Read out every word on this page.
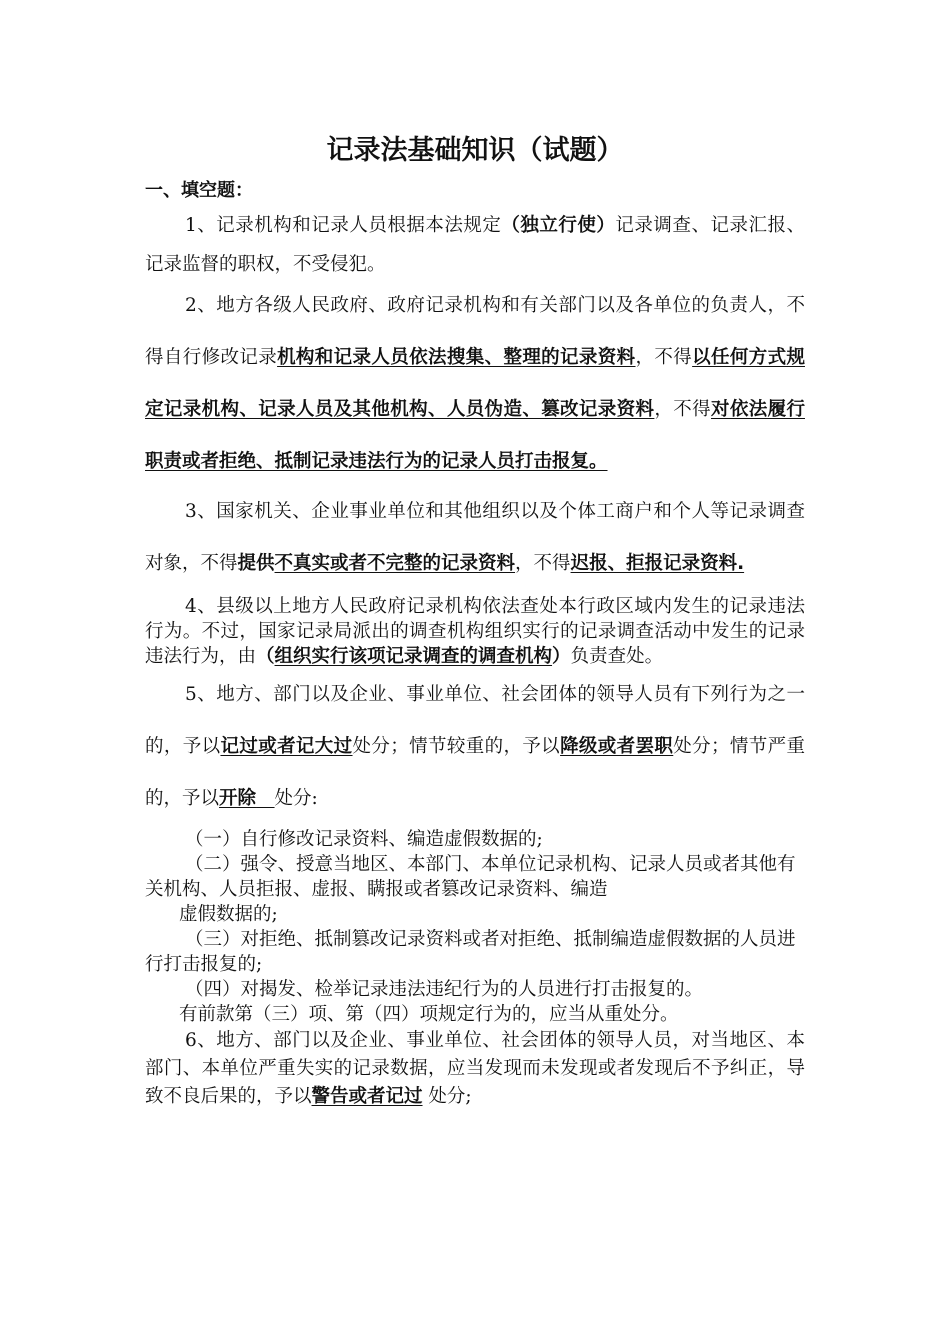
记录法基础知识（试题）
一、填空题：

1、记录机构和记录人员根据本法规定（独立行使）记录调查、记录汇报、记录监督的职权，不受侵犯。

2、地方各级人民政府、政府记录机构和有关部门以及各单位的负责人，不得自行修改记录机构和记录人员依法搜集、整理的记录资料，不得以任何方式规定记录机构、记录人员及其他机构、人员伪造、篡改记录资料，不得对依法履行职责或者拒绝、抵制记录违法行为的记录人员打击报复。

3、国家机关、企业事业单位和其他组织以及个体工商户和个人等记录调查对象，不得提供不真实或者不完整的记录资料，不得迟报、拒报记录资料.

4、县级以上地方人民政府记录机构依法查处本行政区域内发生的记录违法行为。不过，国家记录局派出的调查机构组织实行的记录调查活动中发生的记录违法行为，由（组织实行该项记录调查的调查机构）负责查处。

5、地方、部门以及企业、事业单位、社会团体的领导人员有下列行为之一的，予以记过或者记大过处分；情节较重的，予以降级或者罢职处分；情节严重的，予以开除　 处分:

（一）自行修改记录资料、编造虚假数据的;

（二）强令、授意当地区、本部门、本单位记录机构、记录人员或者其他有关机构、人员拒报、虚报、瞒报或者篡改记录资料、编造

虚假数据的;

（三）对拒绝、抵制篡改记录资料或者对拒绝、抵制编造虚假数据的人员进行打击报复的;

（四）对揭发、检举记录违法违纪行为的人员进行打击报复的。

有前款第（三）项、第（四）项规定行为的，应当从重处分。

6、地方、部门以及企业、事业单位、社会团体的领导人员，对当地区、本部门、本单位严重失实的记录数据，应当发现而未发现或者发现后不予纠正，导致不良后果的，予以警告或者记过 处分;
